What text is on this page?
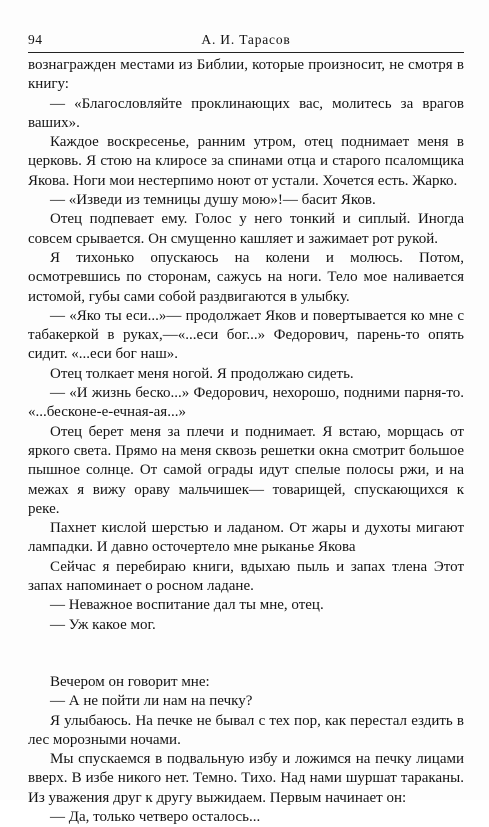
94	А. И. Тарасов

вознагражден местами из Библии, которые произносит, не смотря в книгу:

— «Благословляйте проклинающих вас, молитесь за врагов ваших».

Каждое воскресенье, ранним утром, отец поднимает меня в церковь. Я стою на клиросе за спинами отца и старого псаломщика Якова. Ноги мои нестерпимо ноют от устали. Хочется есть. Жарко.

— «Изведи из темницы душу мою»!— басит Яков.

Отец подпевает ему. Голос у него тонкий и сиплый. Иногда совсем срывается. Он смущенно кашляет и зажимает рот рукой.

Я тихонько опускаюсь на колени и молюсь. Потом, осмотревшись по сторонам, сажусь на ноги. Тело мое наливается истомой, губы сами собой раздвигаются в улыбку.

— «Яко ты еси...»— продолжает Яков и повертывается ко мне с табакеркой в руках,—«...еси бог...» Федорович, парень-то опять сидит. «...еси бог наш».

Отец толкает меня ногой. Я продолжаю сидеть.

— «И жизнь беско...» Федорович, нехорошо, подними парня-то. «...бесконе-е-ечная-ая...»

Отец берет меня за плечи и поднимает. Я встаю, морщась от яркого света. Прямо на меня сквозь решетки окна смотрит большое пышное солнце. От самой ограды идут спелые полосы ржи, и на межах я вижу ораву мальчишек— товарищей, спускающихся к реке.

Пахнет кислой шерстью и ладаном. От жары и духоты мигают лампадки. И давно осточертело мне рыканье Якова

Сейчас я перебираю книги, вдыхаю пыль и запах тлена Этот запах напоминает о росном ладане.

— Неважное воспитание дал ты мне, отец.

— Уж какое мог.

Вечером он говорит мне:

— А не пойти ли нам на печку?

Я улыбаюсь. На печке не бывал с тех пор, как перестал ездить в лес морозными ночами.

Мы спускаемся в подвальную избу и ложимся на печку лицами вверх. В избе никого нет. Темно. Тихо. Над нами шуршат тараканы. Из уважения друг к другу выжидаем. Первым начинает он:

— Да, только четверо осталось...
